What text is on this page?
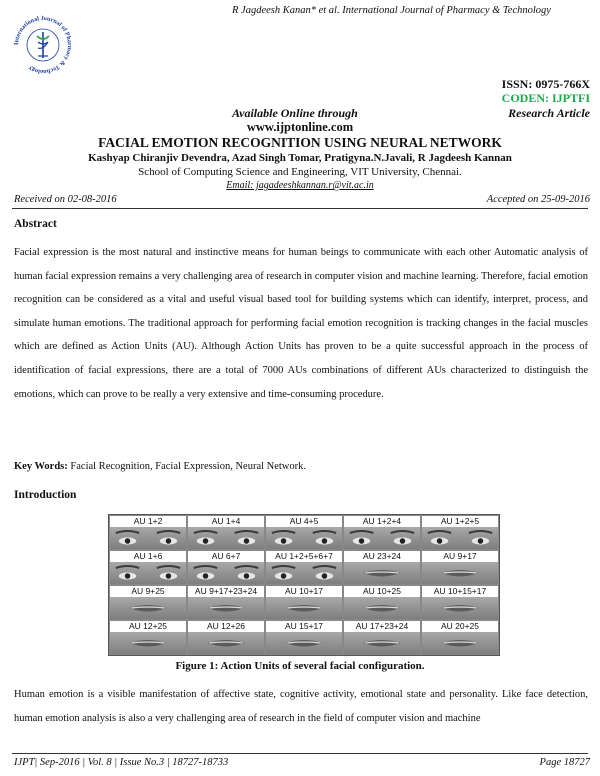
R Jagdeesh Kanan* et al. International Journal of Pharmacy & Technology
International Journal of Pharmacy & Technology
ISSN: 0975-766X
CODEN: IJPTFI
Available Online through	Research Article
www.ijptonline.com
FACIAL EMOTION RECOGNITION USING NEURAL NETWORK
Kashyap Chiranjiv Devendra, Azad Singh Tomar, Pratigyna.N.Javali, R Jagdeesh Kannan
School of Computing Science and Engineering, VIT University, Chennai.
Email: jagadeeshkannan.r@vit.ac.in
Received on 02-08-2016	Accepted on 25-09-2016
Abstract
Facial expression is the most natural and instinctive means for human beings to communicate with each other Automatic analysis of human facial expression remains a very challenging area of research in computer vision and machine learning. Therefore, facial emotion recognition can be considered as a vital and useful visual based tool for building systems which can identify, interpret, process, and simulate human emotions. The traditional approach for performing facial emotion recognition is tracking changes in the facial muscles which are defined as Action Units (AU). Although Action Units has proven to be a quite successful approach in the process of identification of facial expressions, there are a total of 7000 AUs combinations of different AUs characterized to distinguish the emotions, which can prove to be really a very extensive and time-consuming procedure.
Key Words: Facial Recognition, Facial Expression, Neural Network.
Introduction
AU 1+2	AU 1+4	AU 4+5	AU 1+2+4	AU 1+2+5
AU 1+6	AU 6+7	AU 1+2+5+6+7	AU 23+24	AU 9+17
AU 9+25	AU 9+17+23+24	AU 10+17	AU 10+25	AU 10+15+17
AU 12+25	AU 12+26	AU 15+17	AU 17+23+24	AU 20+25
Figure 1: Action Units of several facial configuration.
Human emotion is a visible manifestation of affective state, cognitive activity, emotional state and personality. Like face detection, human emotion analysis is also a very challenging area of research in the field of computer vision and machine
IJPT| Sep-2016 | Vol. 8 | Issue No.3 | 18727-18733	Page 18727
